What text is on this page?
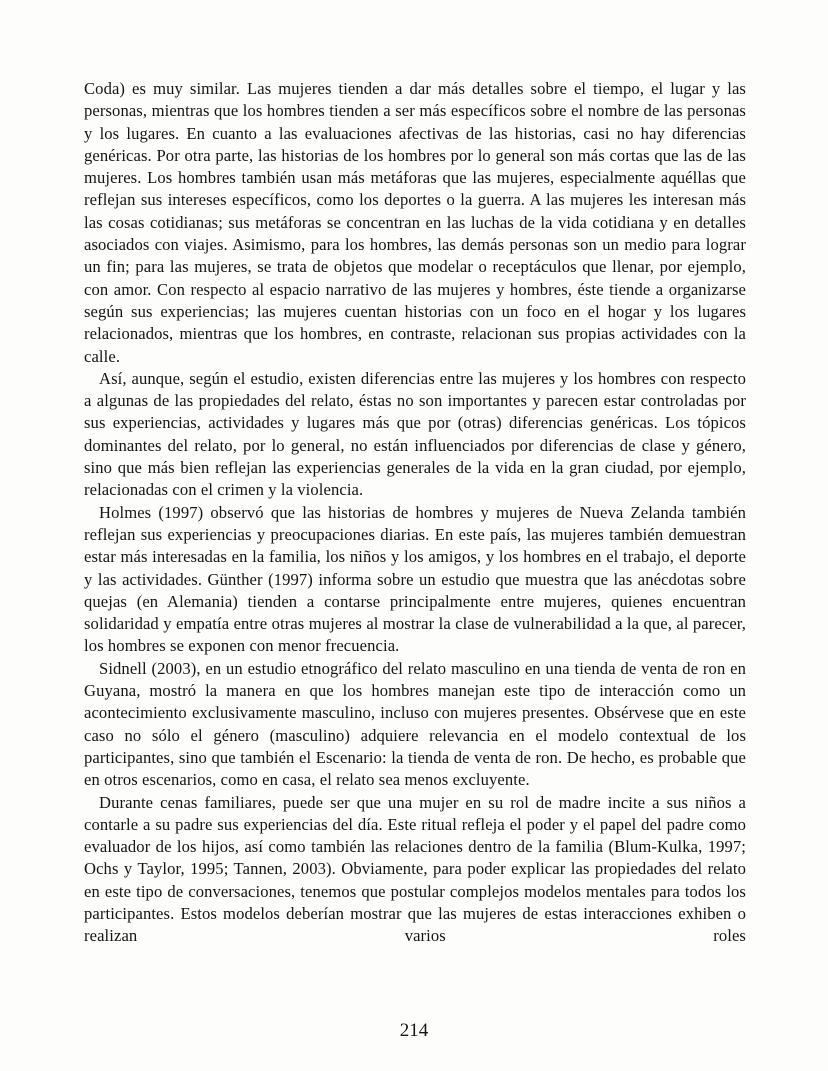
Coda) es muy similar. Las mujeres tienden a dar más detalles sobre el tiempo, el lugar y las personas, mientras que los hombres tienden a ser más específicos sobre el nombre de las personas y los lugares. En cuanto a las evaluaciones afectivas de las historias, casi no hay diferencias genéricas. Por otra parte, las historias de los hombres por lo general son más cortas que las de las mujeres. Los hombres también usan más metáforas que las mujeres, especialmente aquéllas que reflejan sus intereses específicos, como los deportes o la guerra. A las mujeres les interesan más las cosas cotidianas; sus metáforas se concentran en las luchas de la vida cotidiana y en detalles asociados con viajes. Asimismo, para los hombres, las demás personas son un medio para lograr un fin; para las mujeres, se trata de objetos que modelar o receptáculos que llenar, por ejemplo, con amor. Con respecto al espacio narrativo de las mujeres y hombres, éste tiende a organizarse según sus experiencias; las mujeres cuentan historias con un foco en el hogar y los lugares relacionados, mientras que los hombres, en contraste, relacionan sus propias actividades con la calle.

Así, aunque, según el estudio, existen diferencias entre las mujeres y los hombres con respecto a algunas de las propiedades del relato, éstas no son importantes y parecen estar controladas por sus experiencias, actividades y lugares más que por (otras) diferencias genéricas. Los tópicos dominantes del relato, por lo general, no están influenciados por diferencias de clase y género, sino que más bien reflejan las experiencias generales de la vida en la gran ciudad, por ejemplo, relacionadas con el crimen y la violencia.

Holmes (1997) observó que las historias de hombres y mujeres de Nueva Zelanda también reflejan sus experiencias y preocupaciones diarias. En este país, las mujeres también demuestran estar más interesadas en la familia, los niños y los amigos, y los hombres en el trabajo, el deporte y las actividades. Günther (1997) informa sobre un estudio que muestra que las anécdotas sobre quejas (en Alemania) tienden a contarse principalmente entre mujeres, quienes encuentran solidaridad y empatía entre otras mujeres al mostrar la clase de vulnerabilidad a la que, al parecer, los hombres se exponen con menor frecuencia.

Sidnell (2003), en un estudio etnográfico del relato masculino en una tienda de venta de ron en Guyana, mostró la manera en que los hombres manejan este tipo de interacción como un acontecimiento exclusivamente masculino, incluso con mujeres presentes. Obsérvese que en este caso no sólo el género (masculino) adquiere relevancia en el modelo contextual de los participantes, sino que también el Escenario: la tienda de venta de ron. De hecho, es probable que en otros escenarios, como en casa, el relato sea menos excluyente.

Durante cenas familiares, puede ser que una mujer en su rol de madre incite a sus niños a contarle a su padre sus experiencias del día. Este ritual refleja el poder y el papel del padre como evaluador de los hijos, así como también las relaciones dentro de la familia (Blum-Kulka, 1997; Ochs y Taylor, 1995; Tannen, 2003). Obviamente, para poder explicar las propiedades del relato en este tipo de conversaciones, tenemos que postular complejos modelos mentales para todos los participantes. Estos modelos deberían mostrar que las mujeres de estas interacciones exhiben o realizan varios roles

214
